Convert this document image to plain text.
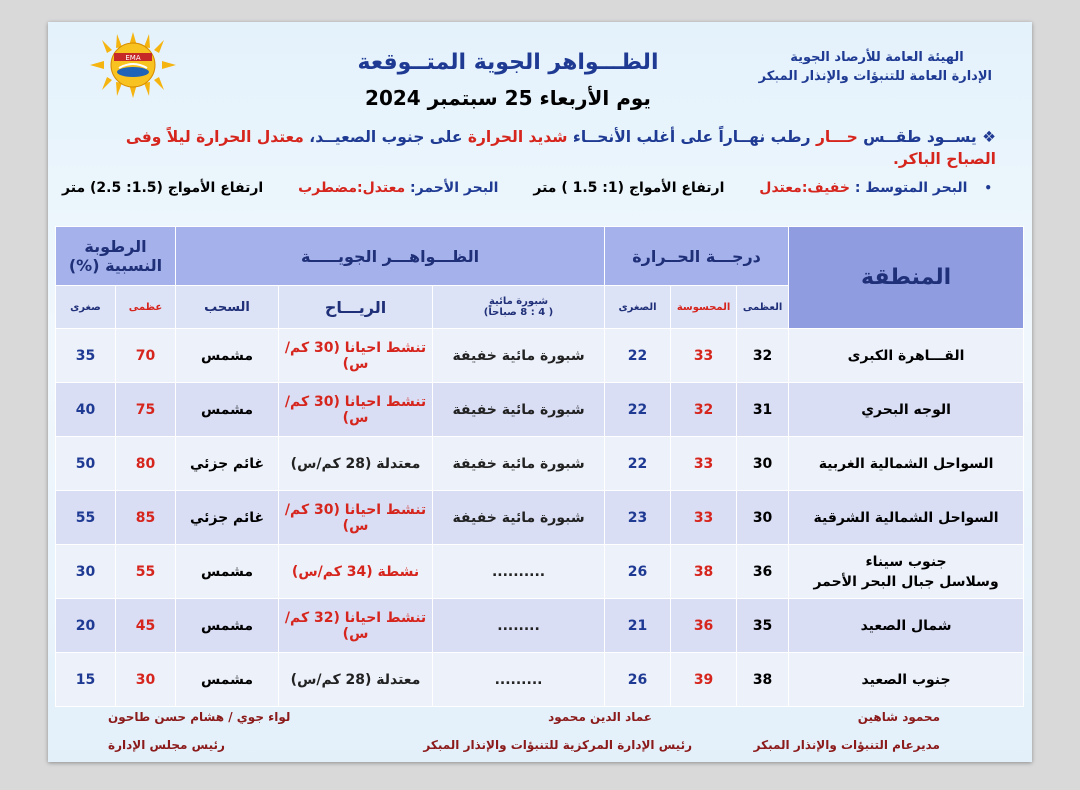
EMA	الهيئة العامة للأرصاد الجوية
الإدارة العامة للتنبؤات والإنذار المبكر
الظـــواهر الجوية المتــوقعة
يوم الأربعاء 25 سبتمبر 2024
❖ يســود طقــس حـــار رطب نهــاراً على أغلب الأنحــاء شديد الحرارة على جنوب الصعيــد، معتدل الحرارة ليلاً وفى الصباح الباكر.
• البحر المتوسط : خفيف:معتدل
ارتفاع الأمواج (1: 1.5 ) متر
البحر الأحمر: معتدل:مضطرب
ارتفاع الأمواج (1.5: 2.5) متر
المنطقة	درجـــة الحــرارة			الظـــواهـــر الجويـــــة			الرطوبة النسبية (%)	
	العظمى	المحسوسة	الصغرى	شبورة مائية
( 4 : 8 صباحاً)	الريـــاح	السحب	عظمى	صغرى

القـــاهرة الكبرى	32	33	22	شبورة مائية خفيفة	تنشط احيانا (30 كم/س)	مشمس	70	35

الوجه البحري	31	32	22	شبورة مائية خفيفة	تنشط احيانا (30 كم/س)	مشمس	75	40

السواحل الشمالية الغربية	30	33	22	شبورة مائية خفيفة	معتدلة (28 كم/س)	غائم جزئي	80	50

السواحل الشمالية الشرقية	30	33	23	شبورة مائية خفيفة	تنشط احيانا (30 كم/س)	غائم جزئي	85	55

جنوب سيناء
وسلاسل جبال البحر الأحمر	36	38	26	..........	نشطة (34 كم/س)	مشمس	55	30

شمال الصعيد	35	36	21	........	تنشط احيانا (32 كم/س)	مشمس	45	20

جنوب الصعيد	38	39	26	.........	معتدلة (28 كم/س)	مشمس	30	15
محمود شاهين
عماد الدين محمود
لواء جوي / هشام حسن طاحون
مديرعام التنبؤات والإنذار المبكر
رئيس الإدارة المركزية للتنبؤات والإنذار المبكر
رئيس مجلس الإدارة
